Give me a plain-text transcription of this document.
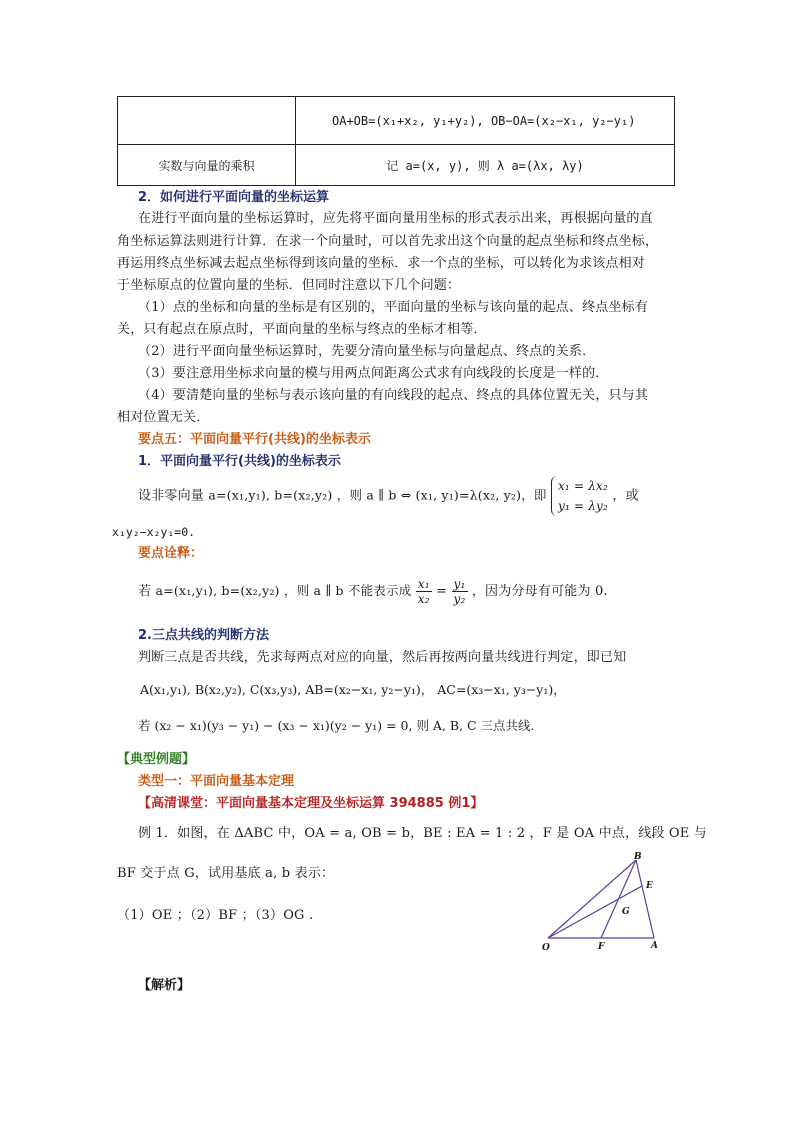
	OA+OB=(x₁+x₂, y₁+y₂), OB−OA=(x₂−x₁, y₂−y₁)
实数与向量的乘积	记 a=(x, y), 则 λ a=(λx, λy)
2．如何进行平面向量的坐标运算
在进行平面向量的坐标运算时，应先将平面向量用坐标的形式表示出来，再根据向量的直
角坐标运算法则进行计算．在求一个向量时，可以首先求出这个向量的起点坐标和终点坐标，
再运用终点坐标减去起点坐标得到该向量的坐标．求一个点的坐标，可以转化为求该点相对
于坐标原点的位置向量的坐标．但同时注意以下几个问题：
（1）点的坐标和向量的坐标是有区别的，平面向量的坐标与该向量的起点、终点坐标有
关，只有起点在原点时，平面向量的坐标与终点的坐标才相等．
（2）进行平面向量坐标运算时，先要分清向量坐标与向量起点、终点的关系．
（3）要注意用坐标求向量的模与用两点间距离公式求有向线段的长度是一样的．
（4）要清楚向量的坐标与表示该向量的有向线段的起点、终点的具体位置无关，只与其
相对位置无关．
要点五：平面向量平行(共线)的坐标表示
1．平面向量平行(共线)的坐标表示
设非零向量 a=(x₁,y₁), b=(x₂,y₂) ，则 a ∥ b ⇔ (x₁, y₁)=λ(x₂, y₂)，即
x₁ = λx₂
y₁ = λy₂
，或
x₁y₂−x₂y₁=0.
要点诠释：
若 a=(x₁,y₁), b=(x₂,y₂) ，则 a ∥ b 不能表示成 $\frac{\text{x₁}}{\text{x₂}} = \frac{\text{y₁}}{\text{y₂}}$ ，因为分母有可能为 0.
2.三点共线的判断方法
判断三点是否共线，先求每两点对应的向量，然后再按两向量共线进行判定，即已知
A(x₁,y₁), B(x₂,y₂), C(x₃,y₃), AB=(x₂−x₁, y₂−y₁)， AC=(x₃−x₁, y₃−y₁)，
若 (x₂ − x₁)(y₃ − y₁) − (x₃ − x₁)(y₂ − y₁) = 0, 则 A, B, C 三点共线.
【典型例题】
类型一：平面向量基本定理
【高清课堂：平面向量基本定理及坐标运算 394885 例1】
例 1．如图，在 ΔABC 中，OA = a, OB = b，BE : EA = 1 : 2 ，F 是 OA 中点，线段 OE 与
BF 交于点 G，试用基底 a, b 表示：
（1）OE ；（2）BF ；（3）OG .
【解析】
O	A
B
E
F
G
